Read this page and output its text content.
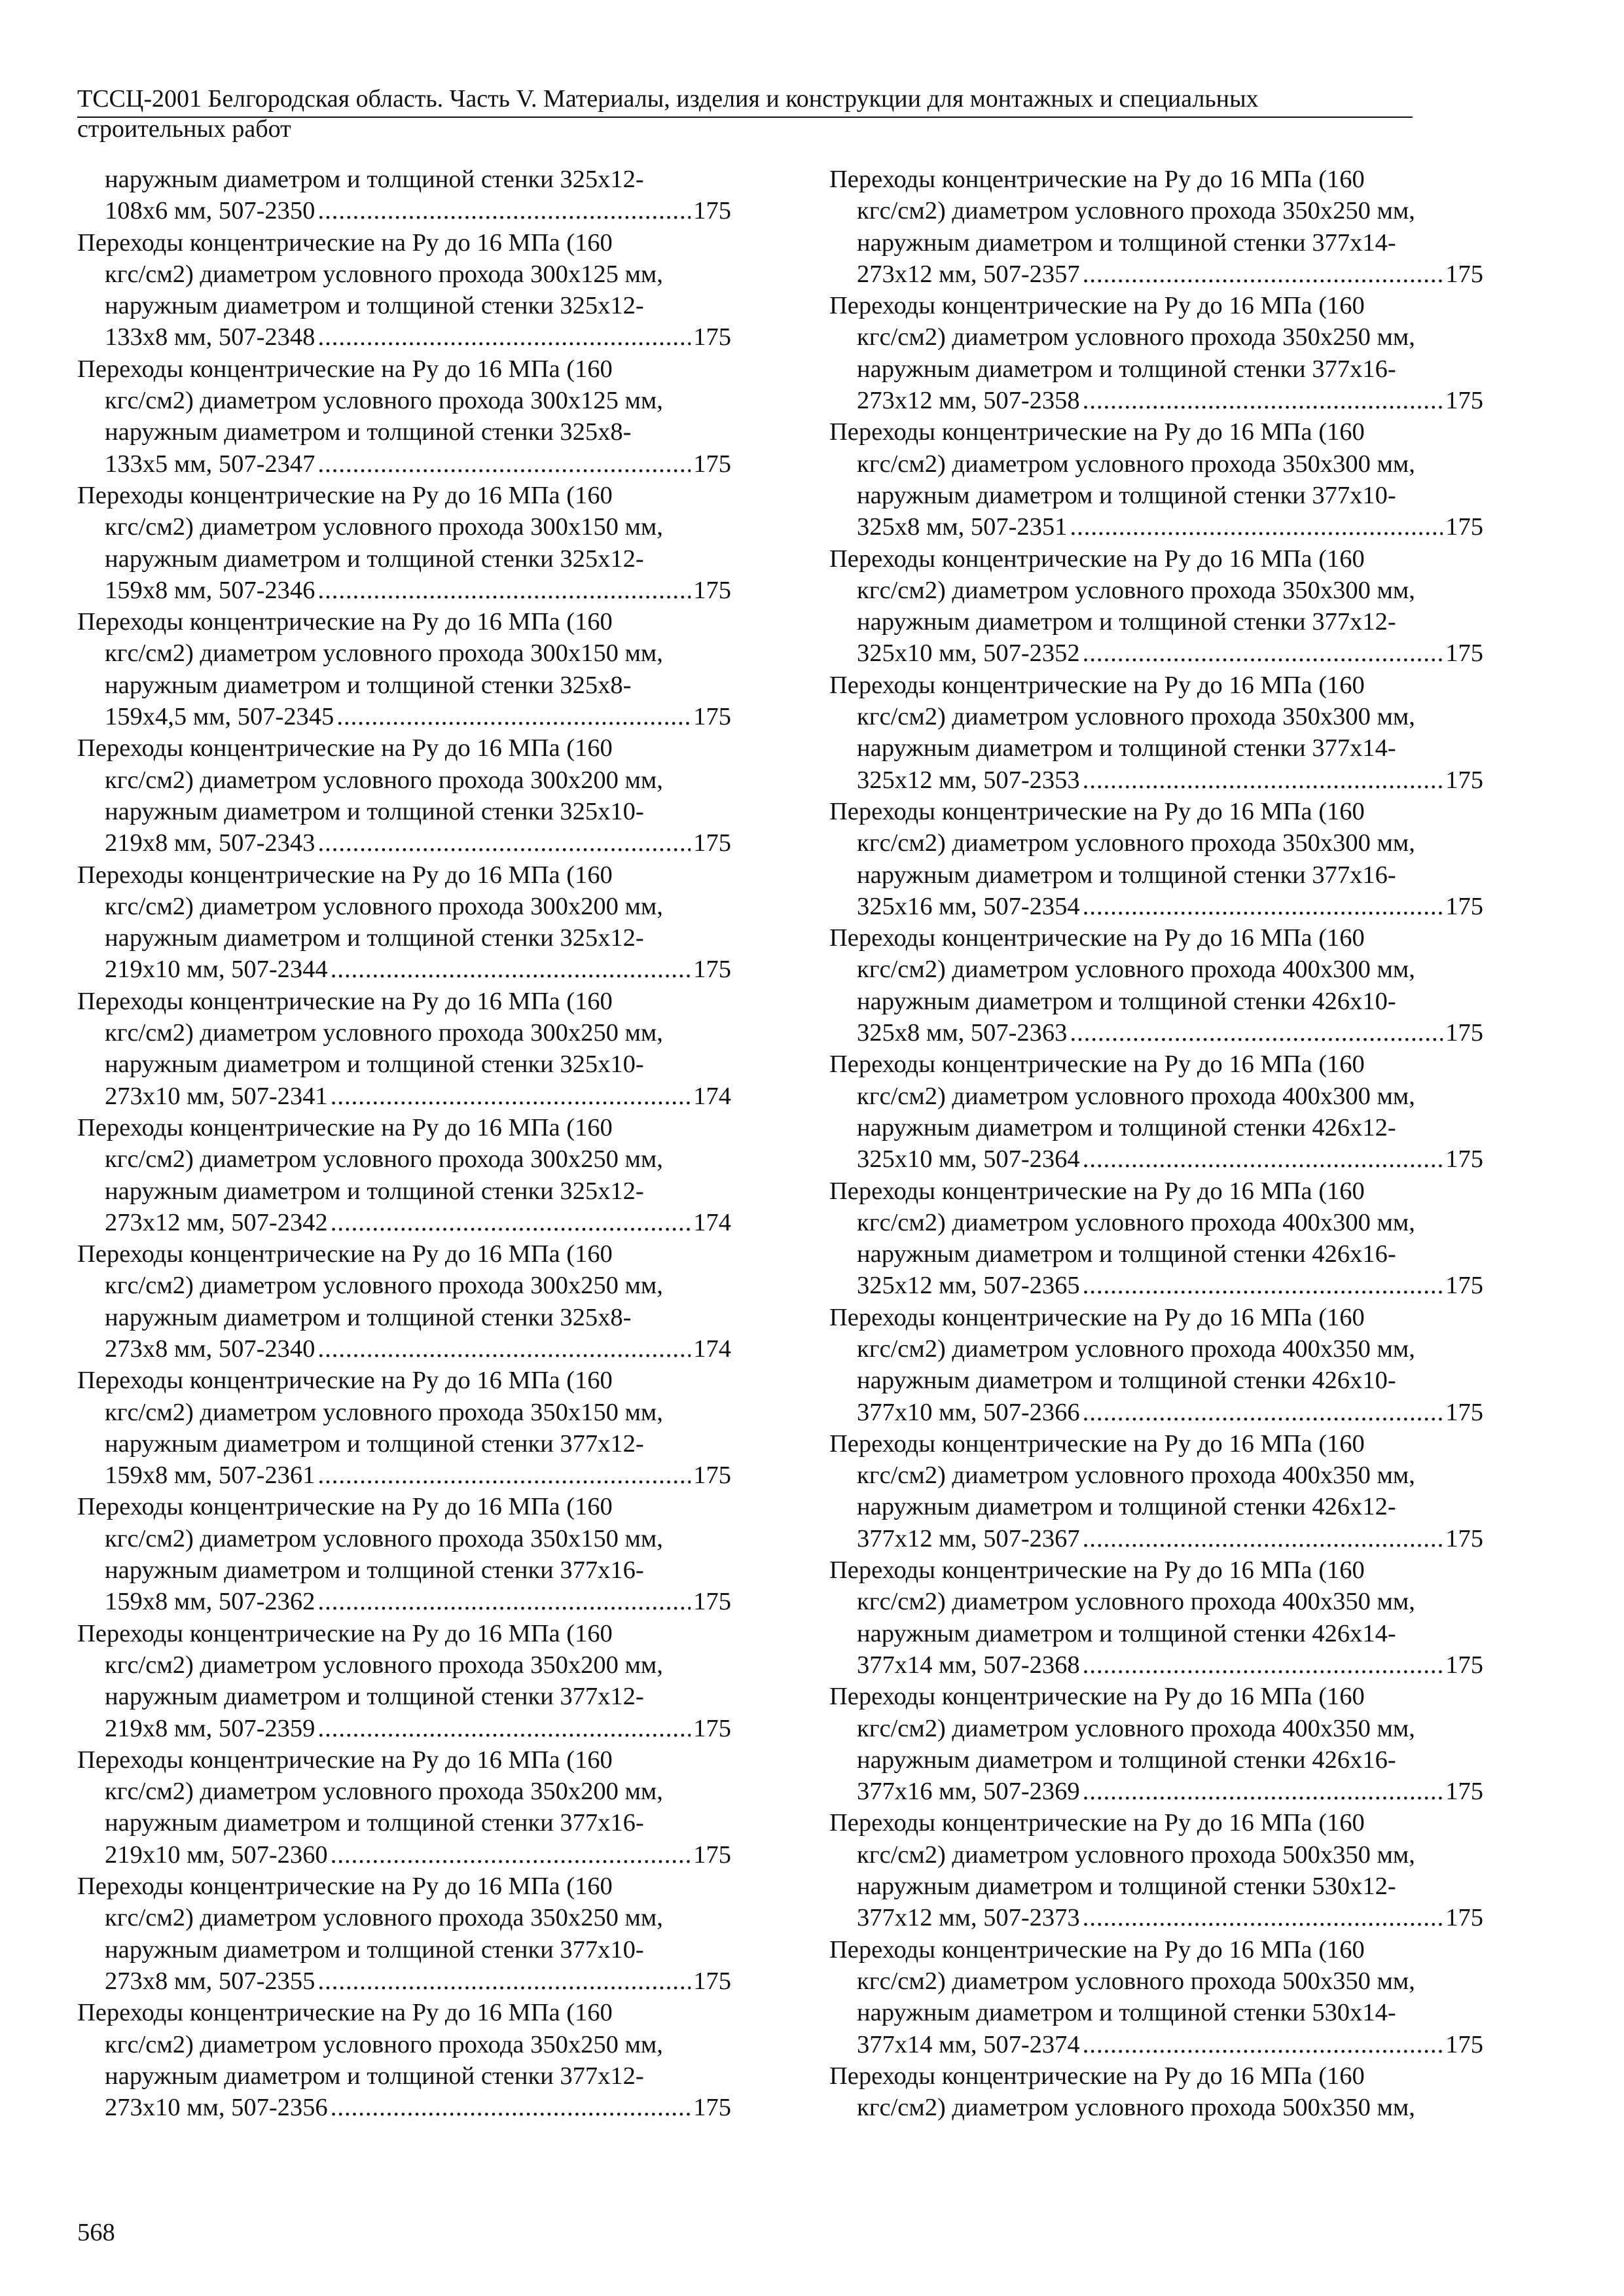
ТССЦ-2001 Белгородская область. Часть V. Материалы, изделия и конструкции для монтажных и специальных
строительных работ
наружным диаметром и толщиной стенки 325х12-
108х6 мм, 507-2350 .....	175
Переходы концентрические на Ру до 16 МПа (160
кгс/см2) диаметром условного прохода 300х125 мм,
наружным диаметром и толщиной стенки 325х12-
133х8 мм, 507-2348 .....	175
Переходы концентрические на Ру до 16 МПа (160
кгс/см2) диаметром условного прохода 300х125 мм,
наружным диаметром и толщиной стенки 325х8-
133х5 мм, 507-2347 .....	175
Переходы концентрические на Ру до 16 МПа (160
кгс/см2) диаметром условного прохода 300х150 мм,
наружным диаметром и толщиной стенки 325х12-
159х8 мм, 507-2346 .....	175
Переходы концентрические на Ру до 16 МПа (160
кгс/см2) диаметром условного прохода 300х150 мм,
наружным диаметром и толщиной стенки 325х8-
159х4,5 мм, 507-2345 .....	175
Переходы концентрические на Ру до 16 МПа (160
кгс/см2) диаметром условного прохода 300х200 мм,
наружным диаметром и толщиной стенки 325х10-
219х8 мм, 507-2343 .....	175
Переходы концентрические на Ру до 16 МПа (160
кгс/см2) диаметром условного прохода 300х200 мм,
наружным диаметром и толщиной стенки 325х12-
219х10 мм, 507-2344 .....	175
Переходы концентрические на Ру до 16 МПа (160
кгс/см2) диаметром условного прохода 300х250 мм,
наружным диаметром и толщиной стенки 325х10-
273х10 мм, 507-2341 .....	174
Переходы концентрические на Ру до 16 МПа (160
кгс/см2) диаметром условного прохода 300х250 мм,
наружным диаметром и толщиной стенки 325х12-
273х12 мм, 507-2342 .....	174
Переходы концентрические на Ру до 16 МПа (160
кгс/см2) диаметром условного прохода 300х250 мм,
наружным диаметром и толщиной стенки 325х8-
273х8 мм, 507-2340 .....	174
Переходы концентрические на Ру до 16 МПа (160
кгс/см2) диаметром условного прохода 350х150 мм,
наружным диаметром и толщиной стенки 377х12-
159х8 мм, 507-2361 .....	175
Переходы концентрические на Ру до 16 МПа (160
кгс/см2) диаметром условного прохода 350х150 мм,
наружным диаметром и толщиной стенки 377х16-
159х8 мм, 507-2362 .....	175
Переходы концентрические на Ру до 16 МПа (160
кгс/см2) диаметром условного прохода 350х200 мм,
наружным диаметром и толщиной стенки 377х12-
219х8 мм, 507-2359 .....	175
Переходы концентрические на Ру до 16 МПа (160
кгс/см2) диаметром условного прохода 350х200 мм,
наружным диаметром и толщиной стенки 377х16-
219х10 мм, 507-2360 .....	175
Переходы концентрические на Ру до 16 МПа (160
кгс/см2) диаметром условного прохода 350х250 мм,
наружным диаметром и толщиной стенки 377х10-
273х8 мм, 507-2355 .....	175
Переходы концентрические на Ру до 16 МПа (160
кгс/см2) диаметром условного прохода 350х250 мм,
наружным диаметром и толщиной стенки 377х12-
273х10 мм, 507-2356 .....	175
Переходы концентрические на Ру до 16 МПа (160
кгс/см2) диаметром условного прохода 350х250 мм,
наружным диаметром и толщиной стенки 377х14-
273х12 мм, 507-2357 .....	175
Переходы концентрические на Ру до 16 МПа (160
кгс/см2) диаметром условного прохода 350х250 мм,
наружным диаметром и толщиной стенки 377х16-
273х12 мм, 507-2358 .....	175
Переходы концентрические на Ру до 16 МПа (160
кгс/см2) диаметром условного прохода 350х300 мм,
наружным диаметром и толщиной стенки 377х10-
325х8 мм, 507-2351 .....	175
Переходы концентрические на Ру до 16 МПа (160
кгс/см2) диаметром условного прохода 350х300 мм,
наружным диаметром и толщиной стенки 377х12-
325х10 мм, 507-2352 .....	175
Переходы концентрические на Ру до 16 МПа (160
кгс/см2) диаметром условного прохода 350х300 мм,
наружным диаметром и толщиной стенки 377х14-
325х12 мм, 507-2353 .....	175
Переходы концентрические на Ру до 16 МПа (160
кгс/см2) диаметром условного прохода 350х300 мм,
наружным диаметром и толщиной стенки 377х16-
325х16 мм, 507-2354 .....	175
Переходы концентрические на Ру до 16 МПа (160
кгс/см2) диаметром условного прохода 400х300 мм,
наружным диаметром и толщиной стенки 426х10-
325х8 мм, 507-2363 .....	175
Переходы концентрические на Ру до 16 МПа (160
кгс/см2) диаметром условного прохода 400х300 мм,
наружным диаметром и толщиной стенки 426х12-
325х10 мм, 507-2364 .....	175
Переходы концентрические на Ру до 16 МПа (160
кгс/см2) диаметром условного прохода 400х300 мм,
наружным диаметром и толщиной стенки 426х16-
325х12 мм, 507-2365 .....	175
Переходы концентрические на Ру до 16 МПа (160
кгс/см2) диаметром условного прохода 400х350 мм,
наружным диаметром и толщиной стенки 426х10-
377х10 мм, 507-2366 .....	175
Переходы концентрические на Ру до 16 МПа (160
кгс/см2) диаметром условного прохода 400х350 мм,
наружным диаметром и толщиной стенки 426х12-
377х12 мм, 507-2367 .....	175
Переходы концентрические на Ру до 16 МПа (160
кгс/см2) диаметром условного прохода 400х350 мм,
наружным диаметром и толщиной стенки 426х14-
377х14 мм, 507-2368 .....	175
Переходы концентрические на Ру до 16 МПа (160
кгс/см2) диаметром условного прохода 400х350 мм,
наружным диаметром и толщиной стенки 426х16-
377х16 мм, 507-2369 .....	175
Переходы концентрические на Ру до 16 МПа (160
кгс/см2) диаметром условного прохода 500х350 мм,
наружным диаметром и толщиной стенки 530х12-
377х12 мм, 507-2373 .....	175
Переходы концентрические на Ру до 16 МПа (160
кгс/см2) диаметром условного прохода 500х350 мм,
наружным диаметром и толщиной стенки 530х14-
377х14 мм, 507-2374 .....	175
Переходы концентрические на Ру до 16 МПа (160
кгс/см2) диаметром условного прохода 500х350 мм,
568
